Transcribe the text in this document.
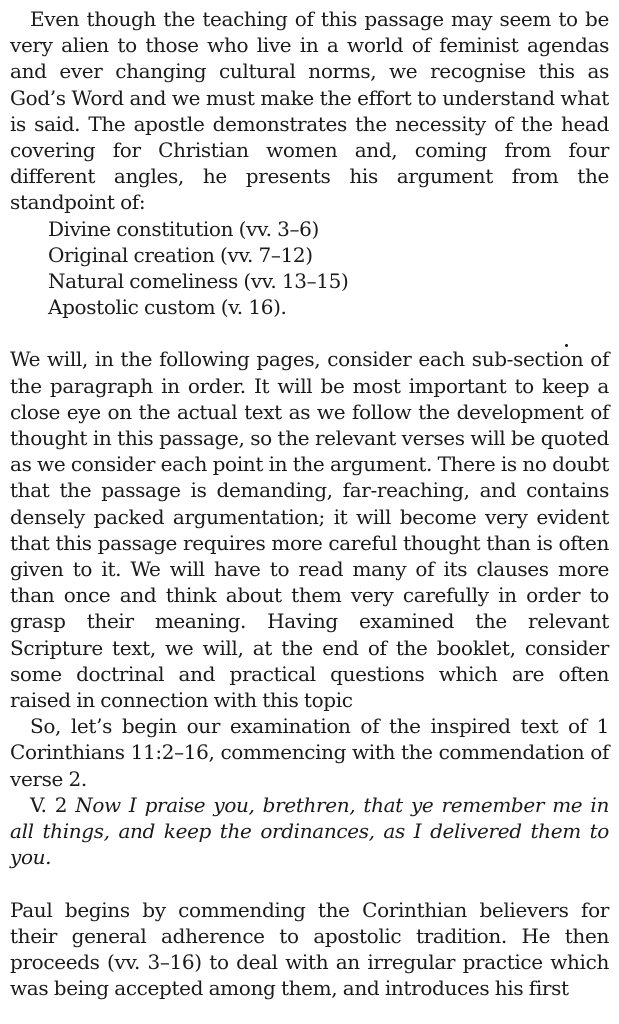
Even though the teaching of this passage may seem to be very alien to those who live in a world of feminist agendas and ever changing cultural norms, we recognise this as God’s Word and we must make the effort to understand what is said. The apostle demonstrates the necessity of the head covering for Christian women and, coming from four different angles, he presents his argument from the standpoint of:

Divine constitution (vv. 3–6)
Original creation (vv. 7–12)
Natural comeliness (vv. 13–15)
Apostolic custom (v. 16).

We will, in the following pages, consider each sub-section of the paragraph in order. It will be most important to keep a close eye on the actual text as we follow the development of thought in this passage, so the relevant verses will be quoted as we consider each point in the argument. There is no doubt that the passage is demanding, far-reaching, and contains densely packed argumentation; it will become very evident that this passage requires more careful thought than is often given to it. We will have to read many of its clauses more than once and think about them very carefully in order to grasp their meaning. Having examined the relevant Scripture text, we will, at the end of the booklet, consider some doctrinal and practical questions which are often raised in connection with this topic

So, let’s begin our examination of the inspired text of 1 Corinthians 11:2–16, commencing with the commendation of verse 2.

V. 2 Now I praise you, brethren, that ye remember me in all things, and keep the ordinances, as I delivered them to you.

Paul begins by commending the Corinthian believers for their general adherence to apostolic tradition. He then proceeds (vv. 3–16) to deal with an irregular practice which was being accepted among them, and introduces his first
